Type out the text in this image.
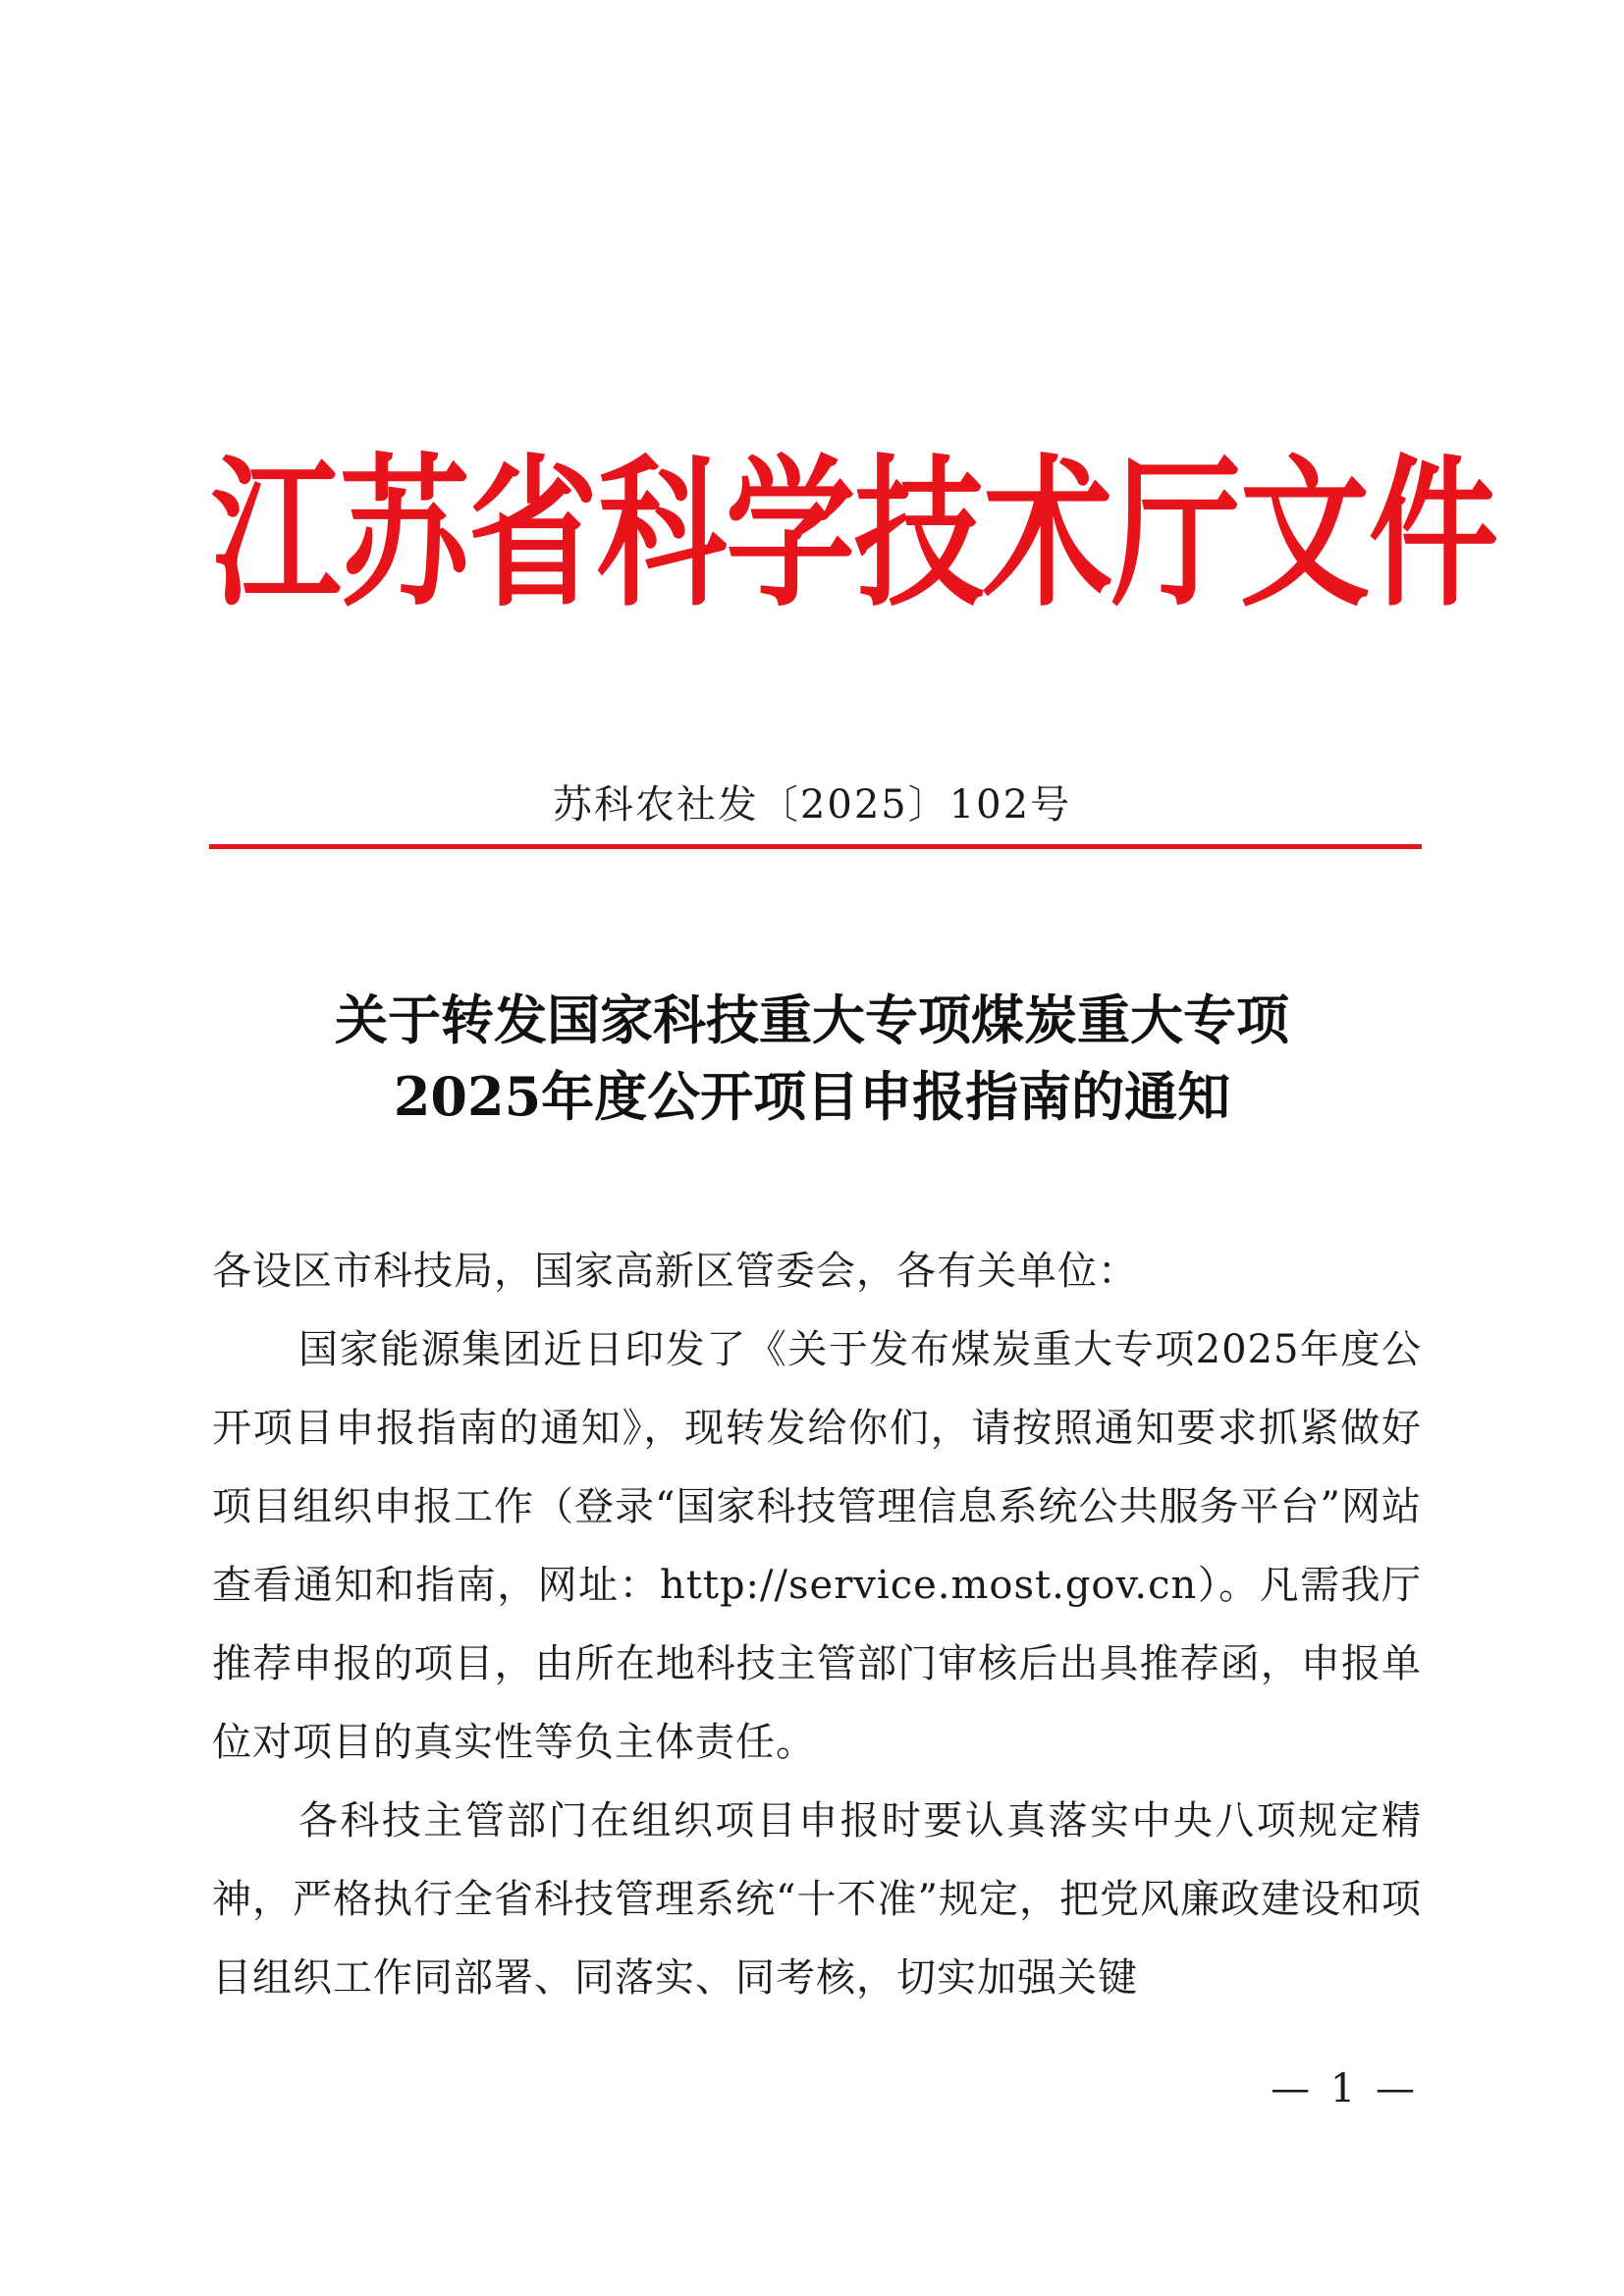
江苏省科学技术厅文件
苏科农社发〔2025〕102号
关于转发国家科技重大专项煤炭重大专项
2025年度公开项目申报指南的通知

各设区市科技局，国家高新区管委会，各有关单位：

国家能源集团近日印发了《关于发布煤炭重大专项2025年度公开项目申报指南的通知》，现转发给你们，请按照通知要求抓紧做好项目组织申报工作（登录“国家科技管理信息系统公共服务平台”网站查看通知和指南，网址：http://service.most.gov.cn）。凡需我厅推荐申报的项目，由所在地科技主管部门审核后出具推荐函，申报单位对项目的真实性等负主体责任。

各科技主管部门在组织项目申报时要认真落实中央八项规定精神，严格执行全省科技管理系统“十不准”规定，把党风廉政建设和项目组织工作同部署、同落实、同考核，切实加强关键

— 1 —
